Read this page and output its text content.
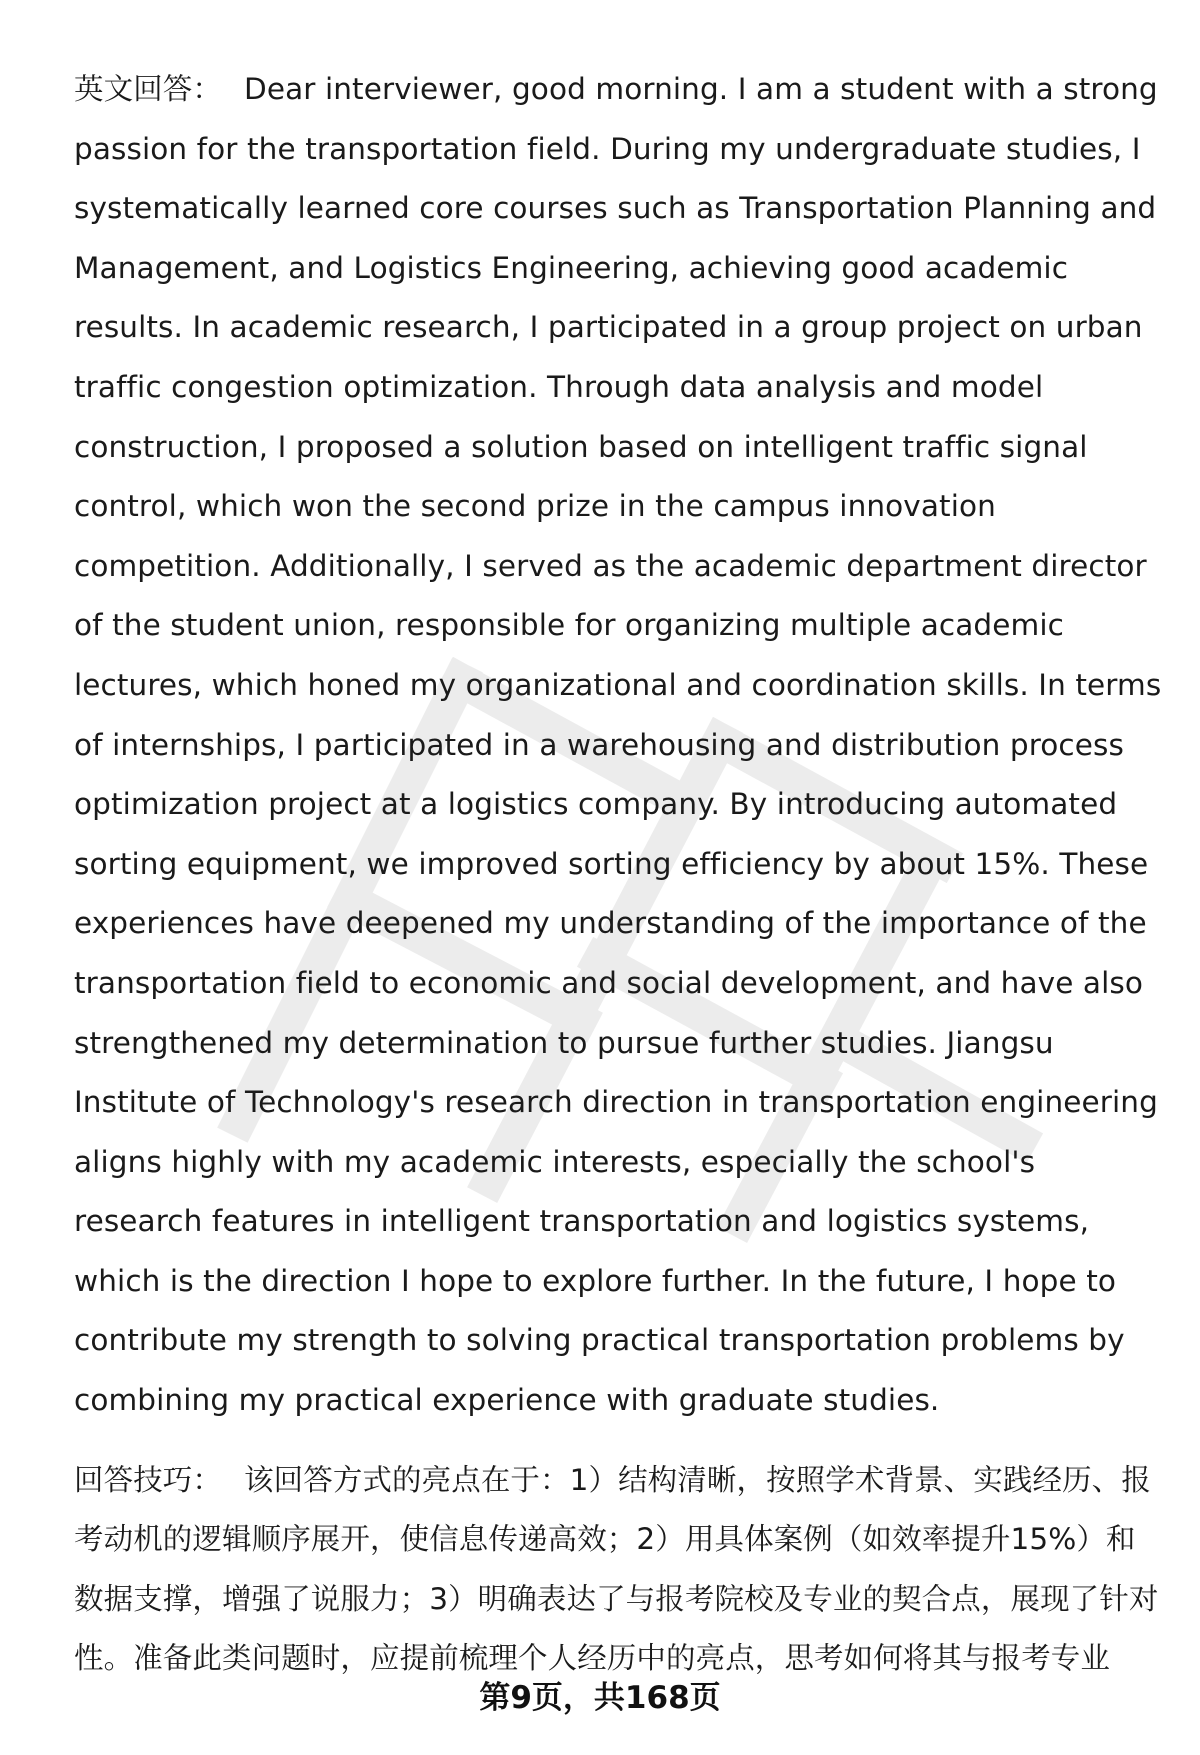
英文回答： Dear interviewer, good morning. I am a student with a strong passion for the transportation field. During my undergraduate studies, I systematically learned core courses such as Transportation Planning and Management, and Logistics Engineering, achieving good academic results. In academic research, I participated in a group project on urban traffic congestion optimization. Through data analysis and model construction, I proposed a solution based on intelligent traffic signal control, which won the second prize in the campus innovation competition. Additionally, I served as the academic department director of the student union, responsible for organizing multiple academic lectures, which honed my organizational and coordination skills. In terms of internships, I participated in a warehousing and distribution process optimization project at a logistics company. By introducing automated sorting equipment, we improved sorting efficiency by about 15%. These experiences have deepened my understanding of the importance of the transportation field to economic and social development, and have also strengthened my determination to pursue further studies. Jiangsu Institute of Technology's research direction in transportation engineering aligns highly with my academic interests, especially the school's research features in intelligent transportation and logistics systems, which is the direction I hope to explore further. In the future, I hope to contribute my strength to solving practical transportation problems by combining my practical experience with graduate studies.

回答技巧： 该回答方式的亮点在于：1）结构清晰，按照学术背景、实践经历、报考动机的逻辑顺序展开，使信息传递高效；2）用具体案例（如效率提升15%）和数据支撑，增强了说服力；3）明确表达了与报考院校及专业的契合点，展现了针对性。准备此类问题时，应提前梳理个人经历中的亮点，思考如何将其与报考专业

第9页，共168页
